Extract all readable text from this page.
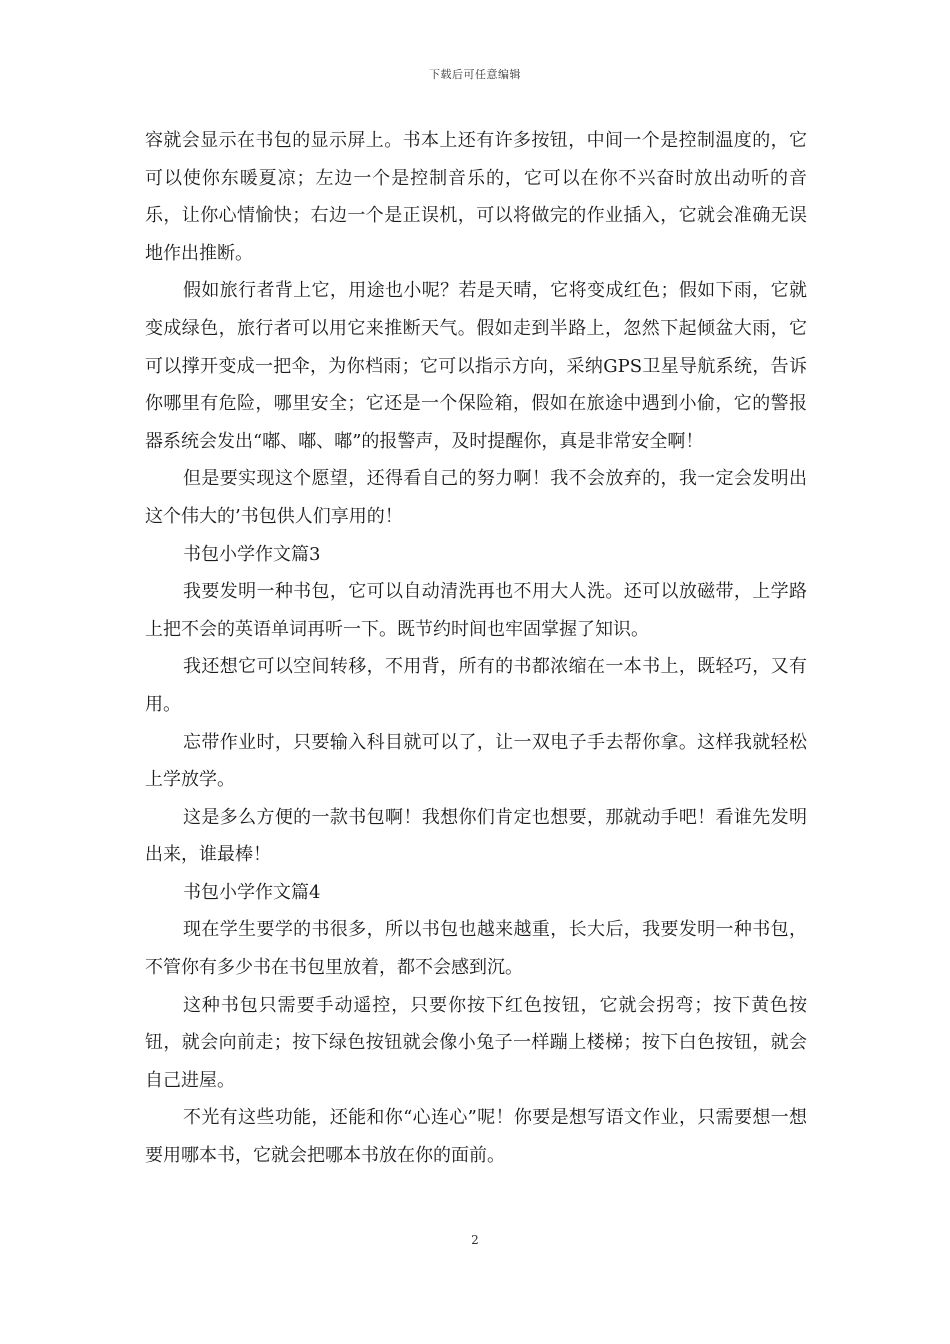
下载后可任意编辑

容就会显示在书包的显示屏上。书本上还有许多按钮，中间一个是控制温度的，它可以使你东暖夏凉；左边一个是控制音乐的，它可以在你不兴奋时放出动听的音乐，让你心情愉快；右边一个是正误机，可以将做完的作业插入，它就会准确无误地作出推断。

假如旅行者背上它，用途也小呢？若是天晴，它将变成红色；假如下雨，它就变成绿色，旅行者可以用它来推断天气。假如走到半路上，忽然下起倾盆大雨，它可以撑开变成一把伞，为你档雨；它可以指示方向，采纳GPS卫星导航系统，告诉你哪里有危险，哪里安全；它还是一个保险箱，假如在旅途中遇到小偷，它的警报器系统会发出“嘟、嘟、嘟”的报警声，及时提醒你，真是非常安全啊！

但是要实现这个愿望，还得看自己的努力啊！我不会放弃的，我一定会发明出这个伟大的’书包供人们享用的！

书包小学作文篇3

我要发明一种书包，它可以自动清洗再也不用大人洗。还可以放磁带，上学路上把不会的英语单词再听一下。既节约时间也牢固掌握了知识。

我还想它可以空间转移，不用背，所有的书都浓缩在一本书上，既轻巧，又有用。

忘带作业时，只要输入科目就可以了，让一双电子手去帮你拿。这样我就轻松上学放学。

这是多么方便的一款书包啊！我想你们肯定也想要，那就动手吧！看谁先发明出来，谁最棒！

书包小学作文篇4

现在学生要学的书很多，所以书包也越来越重，长大后，我要发明一种书包，不管你有多少书在书包里放着，都不会感到沉。

这种书包只需要手动遥控，只要你按下红色按钮，它就会拐弯；按下黄色按钮，就会向前走；按下绿色按钮就会像小兔子一样蹦上楼梯；按下白色按钮，就会自己进屋。

不光有这些功能，还能和你“心连心”呢！你要是想写语文作业，只需要想一想要用哪本书，它就会把哪本书放在你的面前。

2
